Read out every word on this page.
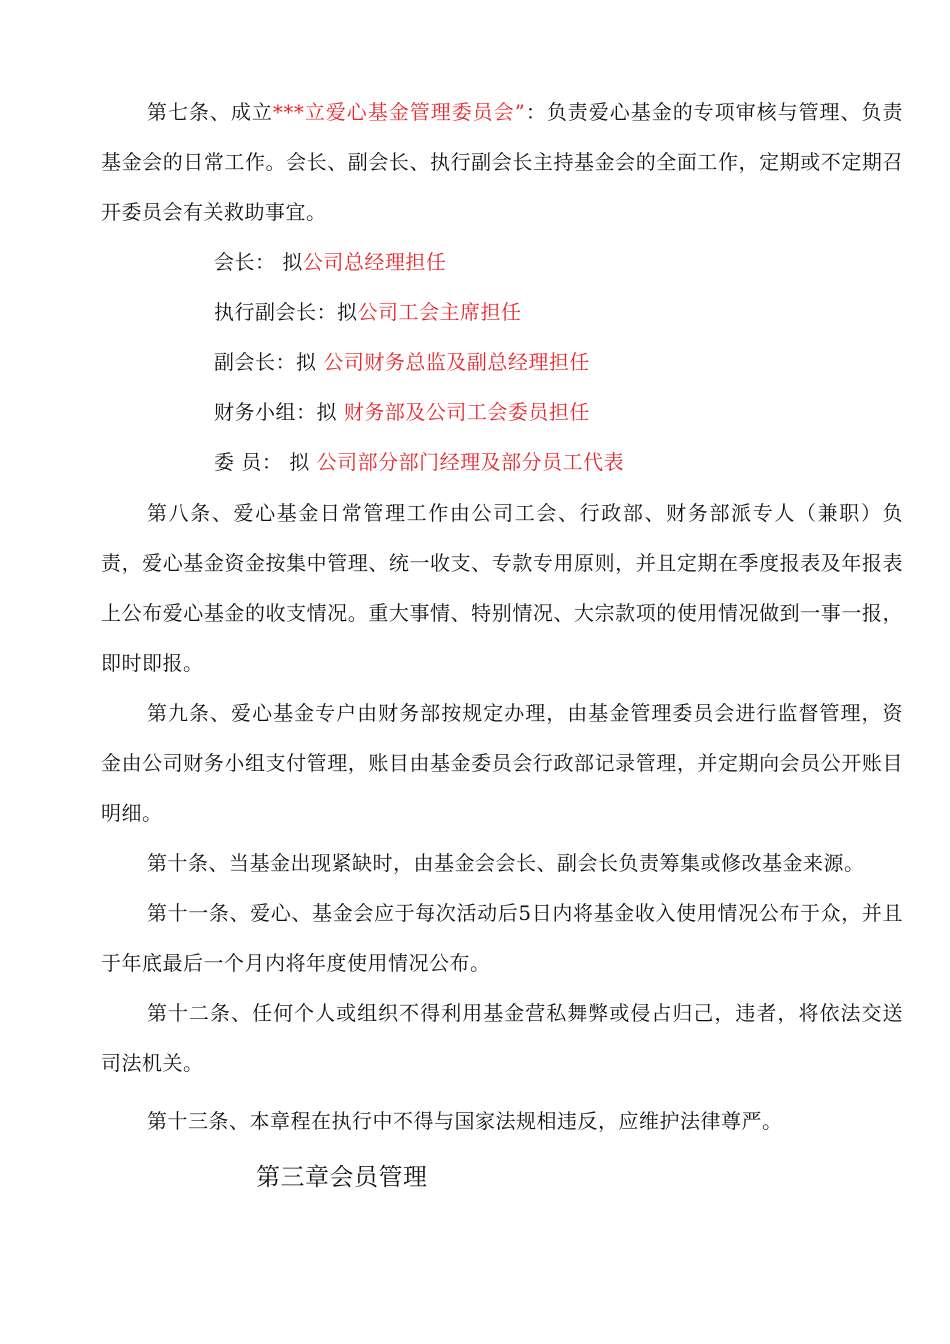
第七条、成立***立爱心基金管理委员会”：负责爱心基金的专项审核与管理、负责基金会的日常工作。会长、副会长、执行副会长主持基金会的全面工作，定期或不定期召开委员会有关救助事宜。

会长： 拟公司总经理担任

执行副会长：拟公司工会主席担任

副会长：拟 公司财务总监及副总经理担任

财务小组：拟 财务部及公司工会委员担任

委 员： 拟 公司部分部门经理及部分员工代表

第八条、爱心基金日常管理工作由公司工会、行政部、财务部派专人（兼职）负责，爱心基金资金按集中管理、统一收支、专款专用原则，并且定期在季度报表及年报表上公布爱心基金的收支情况。重大事情、特别情况、大宗款项的使用情况做到一事一报，即时即报。

第九条、爱心基金专户由财务部按规定办理，由基金管理委员会进行监督管理，资金由公司财务小组支付管理，账目由基金委员会行政部记录管理，并定期向会员公开账目明细。

第十条、当基金出现紧缺时，由基金会会长、副会长负责筹集或修改基金来源。

第十一条、爱心、基金会应于每次活动后5日内将基金收入使用情况公布于众，并且于年底最后一个月内将年度使用情况公布。

第十二条、任何个人或组织不得利用基金营私舞弊或侵占归己，违者，将依法交送司法机关。

第十三条、本章程在执行中不得与国家法规相违反，应维护法律尊严。

第三章会员管理
